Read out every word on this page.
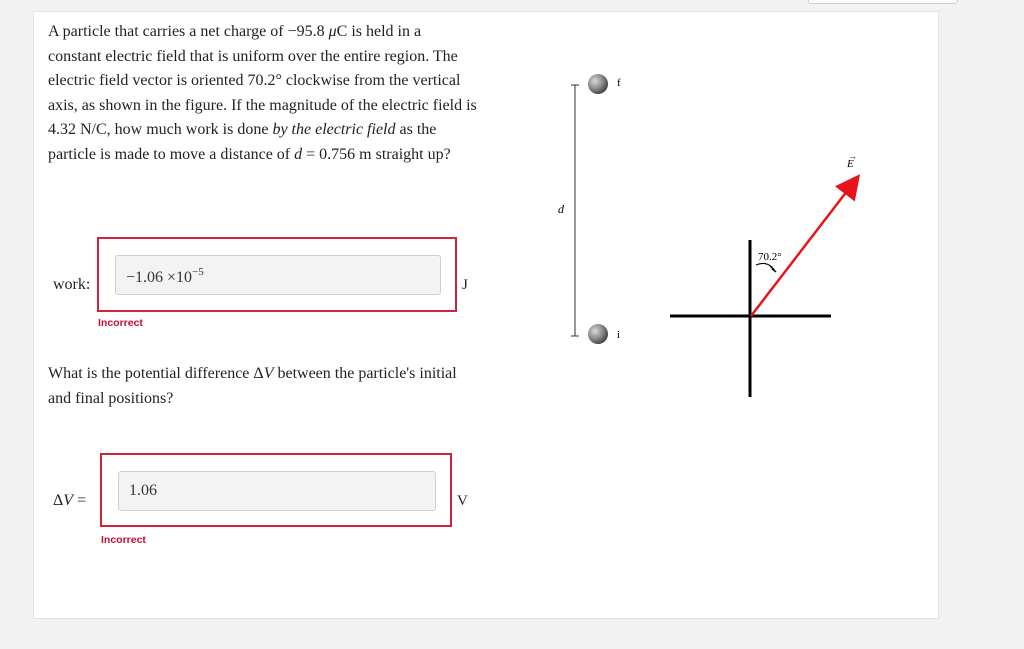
A particle that carries a net charge of −95.8 μC is held in a constant electric field that is uniform over the entire region. The electric field vector is oriented 70.2° clockwise from the vertical axis, as shown in the figure. If the magnitude of the electric field is 4.32 N/C, how much work is done by the electric field as the particle is made to move a distance of d = 0.756 m straight up?

work:	$-1.06 \times 10^{-5}$
J
Incorrect
What is the potential difference ΔV between the particle's initial and final positions?
ΔV =
1.06
V
Incorrect
d
f
i
E
→
70.2°
